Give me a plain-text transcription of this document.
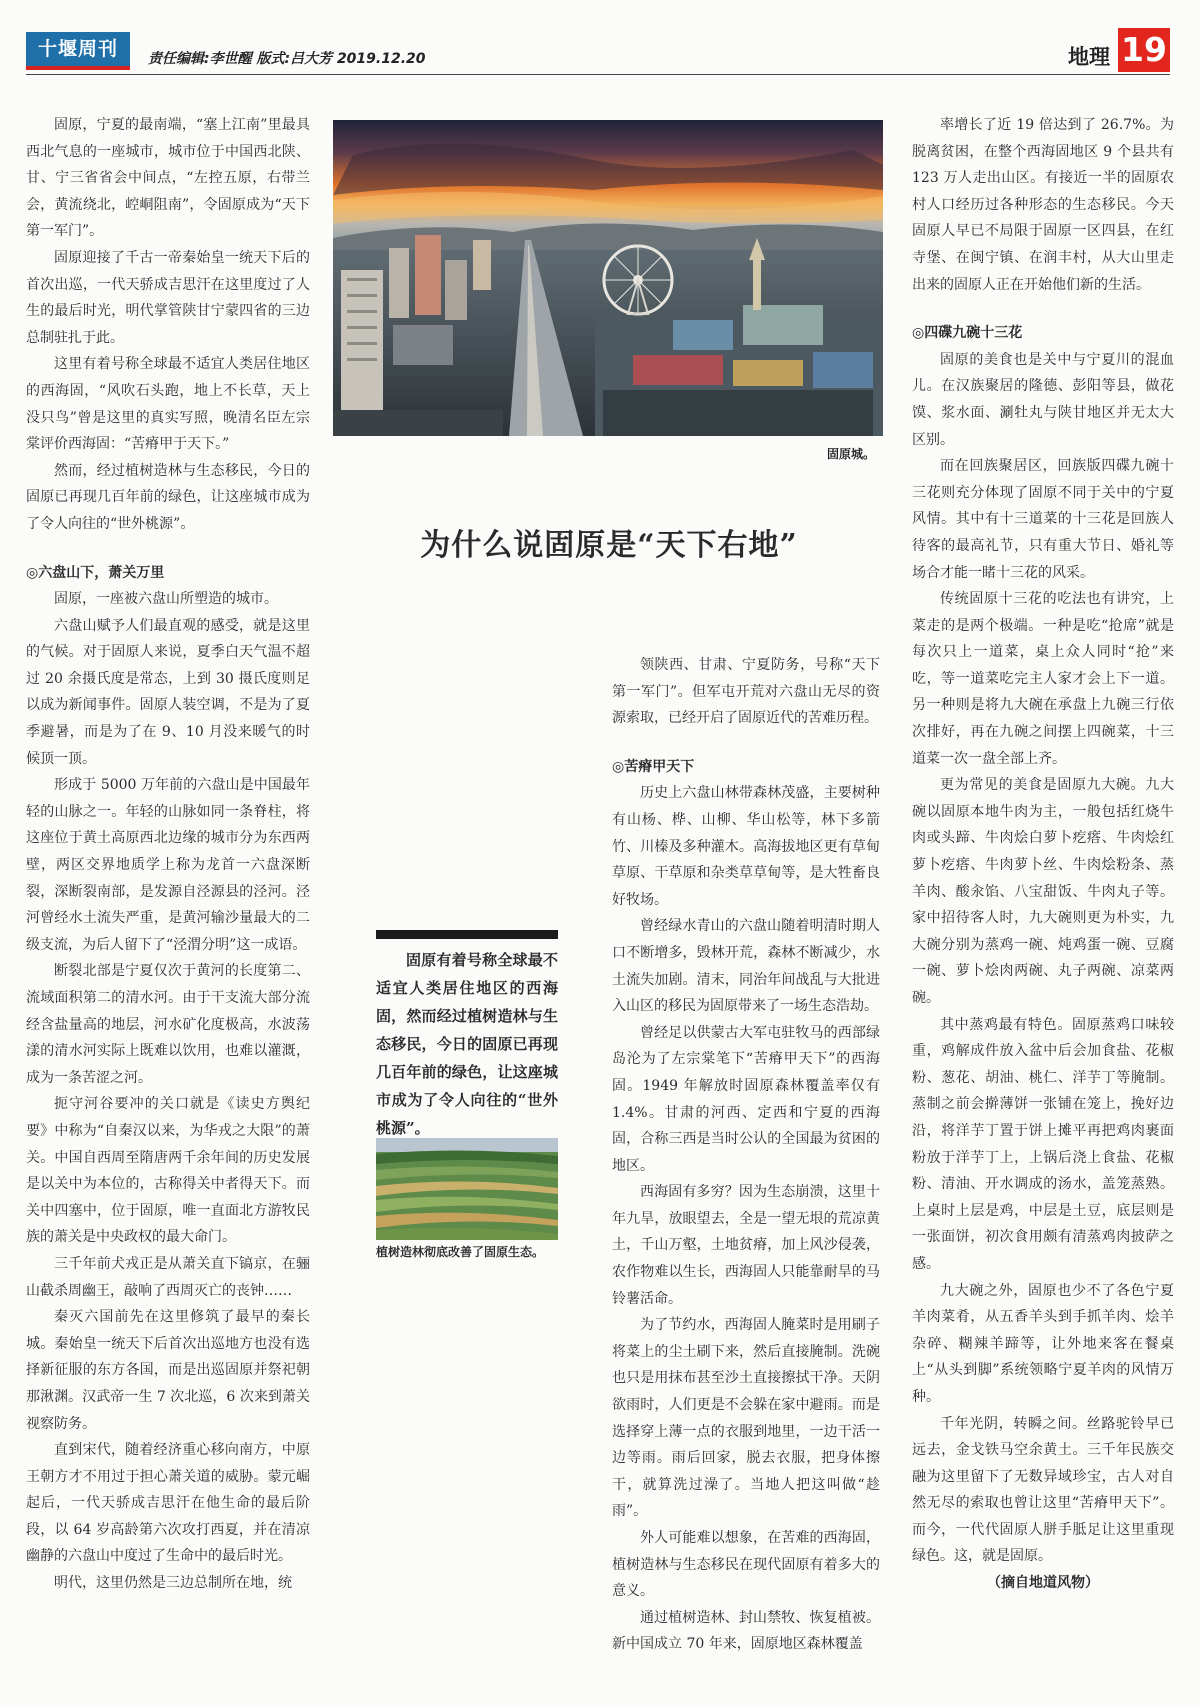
十堰周刊	责任编辑:李世醒 版式:吕大芳 2019.12.20	地理 19

固原，宁夏的最南端，“塞上江南”里最具西北气息的一座城市，城市位于中国西北陕、甘、宁三省省会中间点，“左控五原，右带兰会，黄流绕北，崆峒阻南”，令固原成为“天下第一军门”。

固原迎接了千古一帝秦始皇一统天下后的首次出巡，一代天骄成吉思汗在这里度过了人生的最后时光，明代掌管陕甘宁蒙四省的三边总制驻扎于此。

这里有着号称全球最不适宜人类居住地区的西海固，“风吹石头跑，地上不长草，天上没只鸟”曾是这里的真实写照，晚清名臣左宗棠评价西海固：“苦瘠甲于天下。”

然而，经过植树造林与生态移民，今日的固原已再现几百年前的绿色，让这座城市成为了令人向往的“世外桃源”。

◎六盘山下，萧关万里

固原，一座被六盘山所塑造的城市。

六盘山赋予人们最直观的感受，就是这里的气候。对于固原人来说，夏季白天气温不超过 20 余摄氏度是常态，上到 30 摄氏度则足以成为新闻事件。固原人装空调，不是为了夏季避暑，而是为了在 9、10 月没来暖气的时候顶一顶。

形成于 5000 万年前的六盘山是中国最年轻的山脉之一。年轻的山脉如同一条脊柱，将这座位于黄土高原西北边缘的城市分为东西两壁，两区交界地质学上称为龙首一六盘深断裂，深断裂南部，是发源自泾源县的泾河。泾河曾经水土流失严重，是黄河输沙量最大的二级支流，为后人留下了“泾渭分明”这一成语。

断裂北部是宁夏仅次于黄河的长度第二、流域面积第二的清水河。由于干支流大部分流经含盐量高的地层，河水矿化度极高，水波荡漾的清水河实际上既难以饮用，也难以灌溉，成为一条苦涩之河。

扼守河谷要冲的关口就是《读史方舆纪要》中称为“自秦汉以来，为华戎之大限”的萧关。中国自西周至隋唐两千余年间的历史发展是以关中为本位的，古称得关中者得天下。而关中四塞中，位于固原，唯一直面北方游牧民族的萧关是中央政权的最大命门。

三千年前犬戎正是从萧关直下镐京，在骊山截杀周幽王，敲响了西周灭亡的丧钟……

秦灭六国前先在这里修筑了最早的秦长城。秦始皇一统天下后首次出巡地方也没有选择新征服的东方各国，而是出巡固原并祭祀朝那湫渊。汉武帝一生 7 次北巡，6 次来到萧关视察防务。

直到宋代，随着经济重心移向南方，中原王朝方才不用过于担心萧关道的威胁。蒙元崛起后，一代天骄成吉思汗在他生命的最后阶段，以 64 岁高龄第六次攻打西夏，并在清凉幽静的六盘山中度过了生命中的最后时光。

明代，这里仍然是三边总制所在地，统

固原城。
为什么说固原是“天下右地”

固原有着号称全球最不适宜人类居住地区的西海固，然而经过植树造林与生态移民，今日的固原已再现几百年前的绿色，让这座城市成为了令人向往的“世外桃源”。

植树造林彻底改善了固原生态。

领陕西、甘肃、宁夏防务，号称“天下第一军门”。但军屯开荒对六盘山无尽的资源索取，已经开启了固原近代的苦难历程。

◎苦瘠甲天下

历史上六盘山林带森林茂盛，主要树种有山杨、桦、山柳、华山松等，林下多箭竹、川榛及多种灌木。高海拔地区更有草甸草原、干草原和杂类草草甸等，是大牲畜良好牧场。

曾经绿水青山的六盘山随着明清时期人口不断增多，毁林开荒，森林不断减少，水土流失加剧。清末，同治年间战乱与大批进入山区的移民为固原带来了一场生态浩劫。

曾经足以供蒙古大军屯驻牧马的西部绿岛沦为了左宗棠笔下“苦瘠甲天下”的西海固。1949 年解放时固原森林覆盖率仅有 1.4%。甘肃的河西、定西和宁夏的西海固，合称三西是当时公认的全国最为贫困的地区。

西海固有多穷？因为生态崩溃，这里十年九旱，放眼望去，全是一望无垠的荒凉黄土，千山万壑，土地贫瘠，加上风沙侵袭，农作物难以生长，西海固人只能靠耐旱的马铃薯活命。

为了节约水，西海固人腌菜时是用刷子将菜上的尘土刷下来，然后直接腌制。洗碗也只是用抹布甚至沙土直接擦拭干净。天阴欲雨时，人们更是不会躲在家中避雨。而是选择穿上薄一点的衣服到地里，一边干活一边等雨。雨后回家，脱去衣服，把身体擦干，就算洗过澡了。当地人把这叫做“趁雨”。

外人可能难以想象，在苦难的西海固，植树造林与生态移民在现代固原有着多大的意义。

通过植树造林、封山禁牧、恢复植被。新中国成立 70 年来，固原地区森林覆盖

率增长了近 19 倍达到了 26.7%。为脱离贫困，在整个西海固地区 9 个县共有 123 万人走出山区。有接近一半的固原农村人口经历过各种形态的生态移民。今天固原人早已不局限于固原一区四县，在红寺堡、在闽宁镇、在润丰村，从大山里走出来的固原人正在开始他们新的生活。

◎四碟九碗十三花

固原的美食也是关中与宁夏川的混血儿。在汉族聚居的隆德、彭阳等县，做花馍、浆水面、涮牡丸与陕甘地区并无太大区别。

而在回族聚居区，回族版四碟九碗十三花则充分体现了固原不同于关中的宁夏风情。其中有十三道菜的十三花是回族人待客的最高礼节，只有重大节日、婚礼等场合才能一睹十三花的风采。

传统固原十三花的吃法也有讲究，上菜走的是两个极端。一种是吃“抢席”就是每次只上一道菜，桌上众人同时“抢”来吃，等一道菜吃完主人家才会上下一道。另一种则是将九大碗在承盘上九碗三行依次排好，再在九碗之间摆上四碗菜，十三道菜一次一盘全部上齐。

更为常见的美食是固原九大碗。九大碗以固原本地牛肉为主，一般包括红烧牛肉或头蹄、牛肉烩白萝卜疙瘩、牛肉烩红萝卜疙瘩、牛肉萝卜丝、牛肉烩粉条、蒸羊肉、酸汆馅、八宝甜饭、牛肉丸子等。家中招待客人时，九大碗则更为朴实，九大碗分别为蒸鸡一碗、炖鸡蛋一碗、豆腐一碗、萝卜烩肉两碗、丸子两碗、凉菜两碗。

其中蒸鸡最有特色。固原蒸鸡口味较重，鸡解成件放入盆中后会加食盐、花椒粉、葱花、胡油、桃仁、洋芋丁等腌制。蒸制之前会擀薄饼一张铺在笼上，挽好边沿，将洋芋丁置于饼上摊平再把鸡肉裹面粉放于洋芋丁上，上锅后浇上食盐、花椒粉、清油、开水调成的汤水，盖笼蒸熟。上桌时上层是鸡，中层是土豆，底层则是一张面饼，初次食用颇有清蒸鸡肉披萨之感。

九大碗之外，固原也少不了各色宁夏羊肉菜肴，从五香羊头到手抓羊肉、烩羊杂碎、糊辣羊蹄等，让外地来客在餐桌上“从头到脚”系统领略宁夏羊肉的风情万种。

千年光阴，转瞬之间。丝路驼铃早已远去，金戈铁马空余黄土。三千年民族交融为这里留下了无数异域珍宝，古人对自然无尽的索取也曾让这里“苦瘠甲天下”。而今，一代代固原人胼手胝足让这里重现绿色。这，就是固原。

（摘自地道风物）
